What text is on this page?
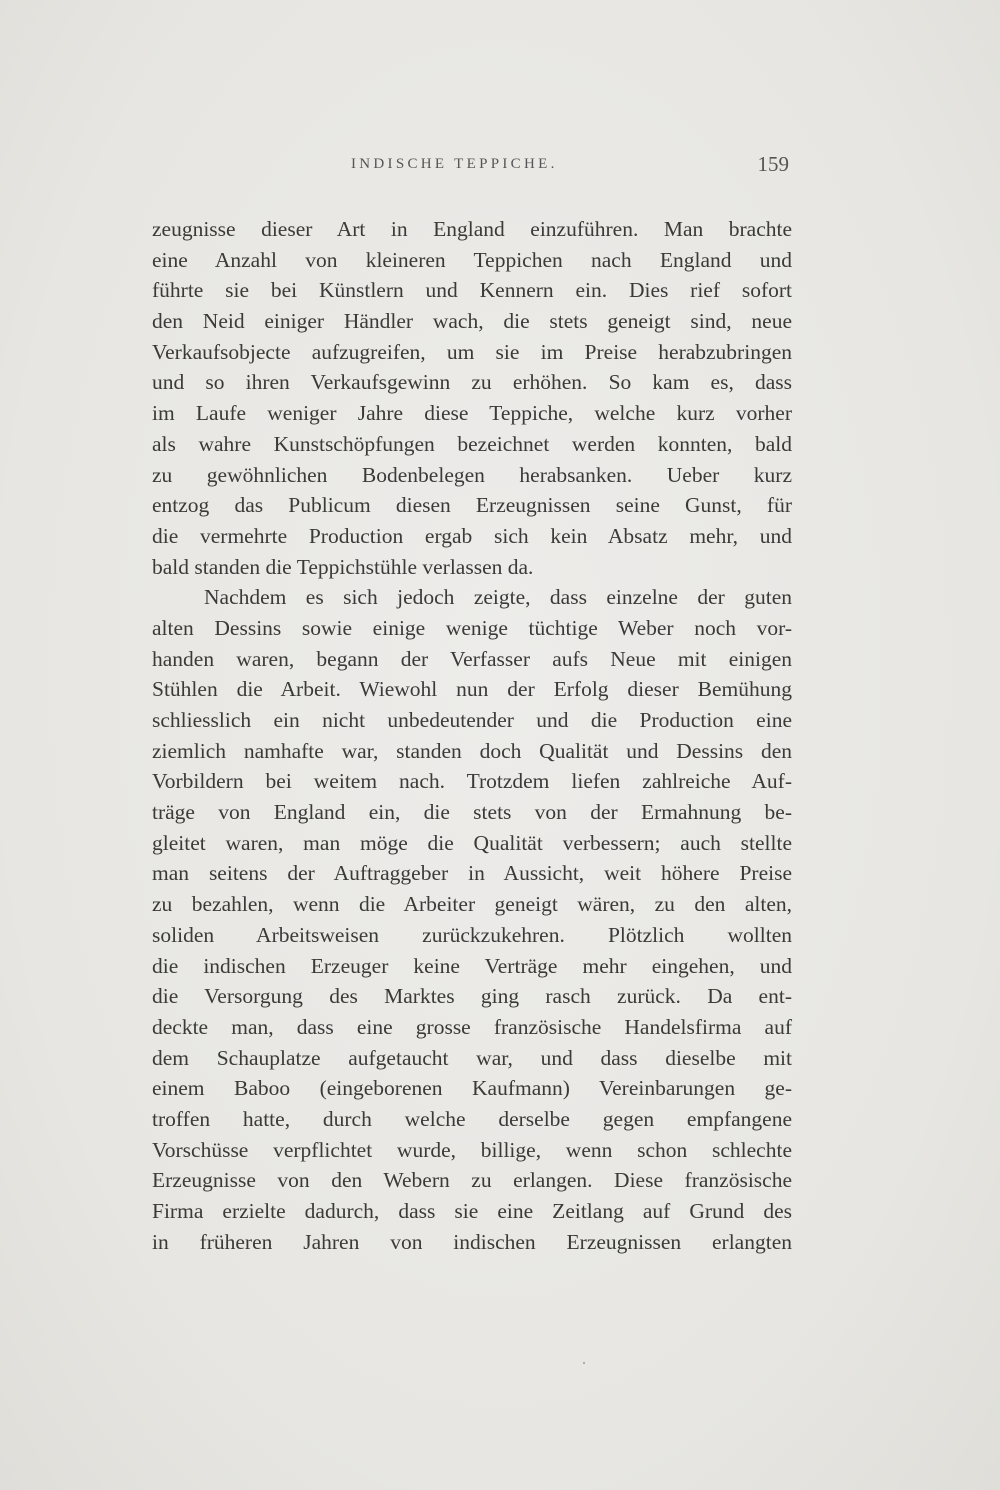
INDISCHE TEPPICHE.	159
zeugnisse dieser Art in England einzuführen. Man brachte
eine Anzahl von kleineren Teppichen nach England und
führte sie bei Künstlern und Kennern ein. Dies rief sofort
den Neid einiger Händler wach, die stets geneigt sind, neue
Verkaufsobjecte aufzugreifen, um sie im Preise herabzubringen
und so ihren Verkaufsgewinn zu erhöhen. So kam es, dass
im Laufe weniger Jahre diese Teppiche, welche kurz vorher
als wahre Kunstschöpfungen bezeichnet werden konnten, bald
zu gewöhnlichen Bodenbelegen herabsanken. Ueber kurz
entzog das Publicum diesen Erzeugnissen seine Gunst, für
die vermehrte Production ergab sich kein Absatz mehr, und
bald standen die Teppichstühle verlassen da.
Nachdem es sich jedoch zeigte, dass einzelne der guten
alten Dessins sowie einige wenige tüchtige Weber noch vor-
handen waren, begann der Verfasser aufs Neue mit einigen
Stühlen die Arbeit. Wiewohl nun der Erfolg dieser Bemühung
schliesslich ein nicht unbedeutender und die Production eine
ziemlich namhafte war, standen doch Qualität und Dessins den
Vorbildern bei weitem nach. Trotzdem liefen zahlreiche Auf-
träge von England ein, die stets von der Ermahnung be-
gleitet waren, man möge die Qualität verbessern; auch stellte
man seitens der Auftraggeber in Aussicht, weit höhere Preise
zu bezahlen, wenn die Arbeiter geneigt wären, zu den alten,
soliden Arbeitsweisen zurückzukehren. Plötzlich wollten
die indischen Erzeuger keine Verträge mehr eingehen, und
die Versorgung des Marktes ging rasch zurück. Da ent-
deckte man, dass eine grosse französische Handelsfirma auf
dem Schauplatze aufgetaucht war, und dass dieselbe mit
einem Baboo (eingeborenen Kaufmann) Vereinbarungen ge-
troffen hatte, durch welche derselbe gegen empfangene
Vorschüsse verpflichtet wurde, billige, wenn schon schlechte
Erzeugnisse von den Webern zu erlangen. Diese französische
Firma erzielte dadurch, dass sie eine Zeitlang auf Grund des
in früheren Jahren von indischen Erzeugnissen erlangten
